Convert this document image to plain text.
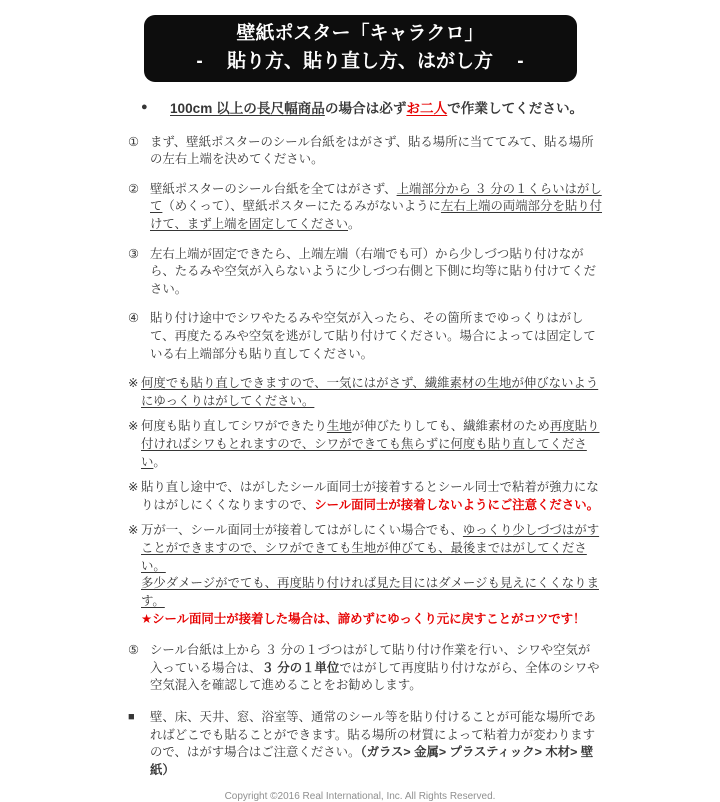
壁紙ポスター「キャラクロ」
-　 貼り方、貼り直し方、はがし方 　-
●	100cm 以上の長尺幅商品の場合は必ずお二人で作業してください。
① まず、壁紙ポスターのシール台紙をはがさず、貼る場所に当ててみて、貼る場所の左右上端を決めてください。
② 壁紙ポスターのシール台紙を全てはがさず、上端部分から ３ 分の１くらいはがして（めくって）、壁紙ポスターにたるみがないように左右上端の両端部分を貼り付けて、まず上端を固定してください。
③ 左右上端が固定できたら、上端左端（右端でも可）から少しづつ貼り付けながら、たるみや空気が入らないように少しづつ右側と下側に均等に貼り付けてください。
④ 貼り付け途中でシワやたるみや空気が入ったら、その箇所までゆっくりはがして、再度たるみや空気を逃がして貼り付けてください。場合によっては固定している右上端部分も貼り直してください。
※ 何度でも貼り直しできますので、一気にはがさず、繊維素材の生地が伸びないようにゆっくりはがしてください。
※ 何度も貼り直してシワができたり生地が伸びたりしても、繊維素材のため再度貼り付ければシワもとれますので、シワができても焦らずに何度も貼り直してください。
※ 貼り直し途中で、はがしたシール面同士が接着するとシール同士で粘着が強力になりはがしにくくなりますので、シール面同士が接着しないようにご注意ください。
※ 万が一、シール面同士が接着してはがしにくい場合でも、ゆっくり少しづづはがすことができますので、シワができても生地が伸びても、最後まではがしてください。
多少ダメージがでても、再度貼り付ければ見た目にはダメージも見えにくくなります。
★シール面同士が接着した場合は、諦めずにゆっくり元に戻すことがコツです！
⑤ シール台紙は上から ３ 分の１づつはがして貼り付け作業を行い、シワや空気が入っている場合は、３ 分の１単位ではがして再度貼り付けながら、全体のシワや空気混入を確認して進めることをお勧めします。
■	壁、床、天井、窓、浴室等、通常のシール等を貼り付けることが可能な場所であればどこでも貼ることができます。貼る場所の材質によって粘着力が変わりますので、はがす場合はご注意ください。（ガラス> 金属> プラスティック> 木材> 壁紙）
Copyright ©2016 Real International, Inc. All Rights Reserved.
